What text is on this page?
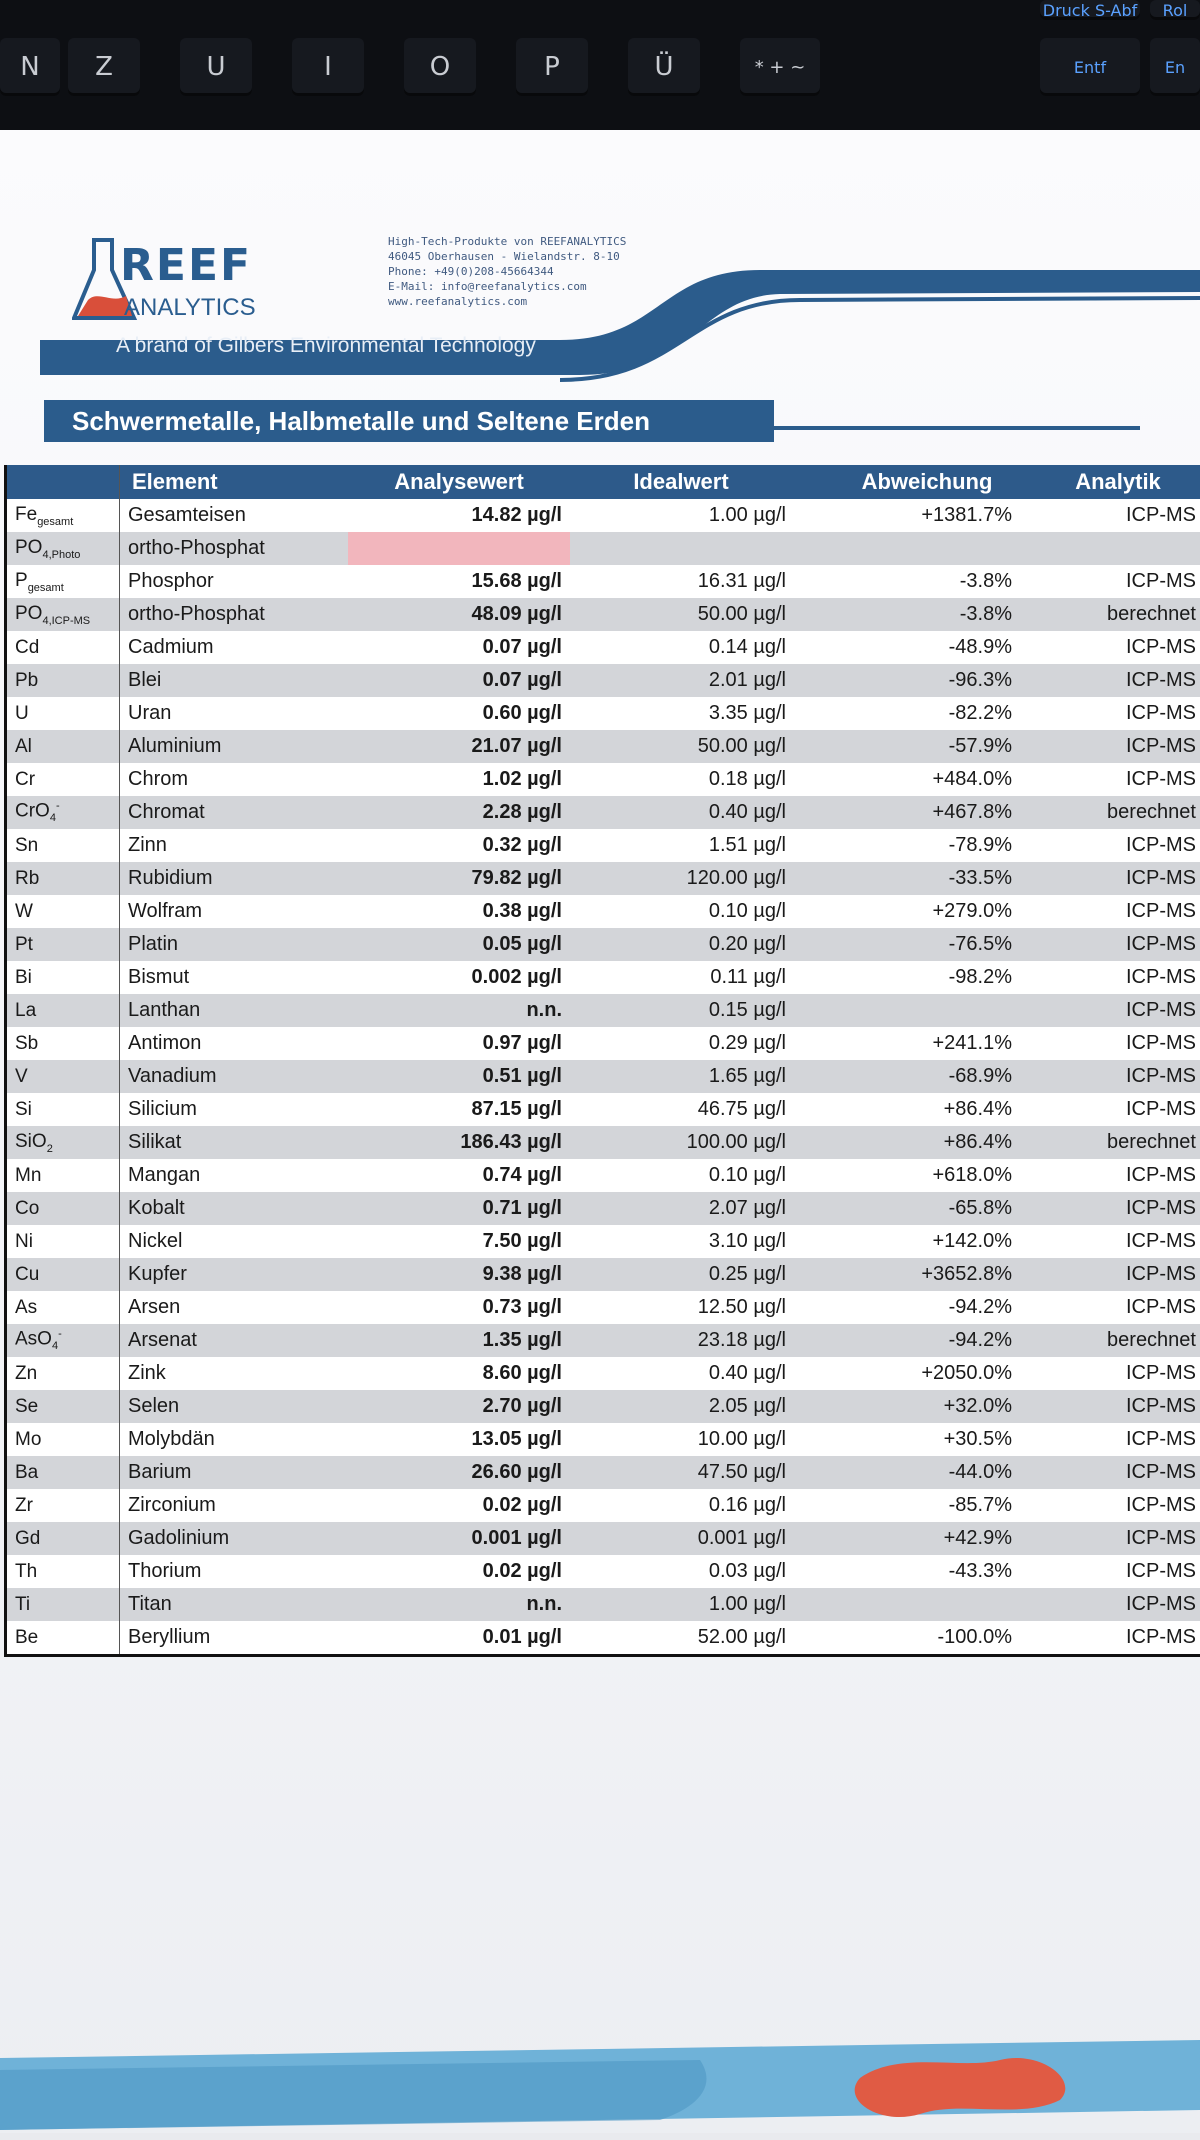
Druck S-Abf	Rol
N	Z	U	I	O	P	Ü	* + ~	Entf	En
REEF
ANALYTICS
High-Tech-Produkte von REEFANALYTICS
46045 Oberhausen - Wielandstr. 8-10
Phone: +49(0)208-45664344
E-Mail: info@reefanalytics.com
www.reefanalytics.com
A brand of Gilbers Environmental Technology
Schwermetalle, Halbmetalle und Seltene Erden
	Element	Analysewert	Idealwert	Abweichung	Analytik
$Fe_{gesamt}$	Gesamteisen	14.82 µg/l	1.00 µg/l	+1381.7%	ICP-MS
$PO_{4,Photo}$	ortho-Phosphat				
$P_{gesamt}$	Phosphor	15.68 µg/l	16.31 µg/l	-3.8%	ICP-MS
$PO_{4,ICP-MS}$	ortho-Phosphat	48.09 µg/l	50.00 µg/l	-3.8%	berechnet
Cd	Cadmium	0.07 µg/l	0.14 µg/l	-48.9%	ICP-MS
Pb	Blei	0.07 µg/l	2.01 µg/l	-96.3%	ICP-MS
U	Uran	0.60 µg/l	3.35 µg/l	-82.2%	ICP-MS
Al	Aluminium	21.07 µg/l	50.00 µg/l	-57.9%	ICP-MS
Cr	Chrom	1.02 µg/l	0.18 µg/l	+484.0%	ICP-MS
CrO$_4$-	Chromat	2.28 µg/l	0.40 µg/l	+467.8%	berechnet
Sn	Zinn	0.32 µg/l	1.51 µg/l	-78.9%	ICP-MS
Rb	Rubidium	79.82 µg/l	120.00 µg/l	-33.5%	ICP-MS
W	Wolfram	0.38 µg/l	0.10 µg/l	+279.0%	ICP-MS
Pt	Platin	0.05 µg/l	0.20 µg/l	-76.5%	ICP-MS
Bi	Bismut	0.002 µg/l	0.11 µg/l	-98.2%	ICP-MS
La	Lanthan	n.n.	0.15 µg/l		ICP-MS
Sb	Antimon	0.97 µg/l	0.29 µg/l	+241.1%	ICP-MS
V	Vanadium	0.51 µg/l	1.65 µg/l	-68.9%	ICP-MS
Si	Silicium	87.15 µg/l	46.75 µg/l	+86.4%	ICP-MS
SiO$_2$	Silikat	186.43 µg/l	100.00 µg/l	+86.4%	berechnet
Mn	Mangan	0.74 µg/l	0.10 µg/l	+618.0%	ICP-MS
Co	Kobalt	0.71 µg/l	2.07 µg/l	-65.8%	ICP-MS
Ni	Nickel	7.50 µg/l	3.10 µg/l	+142.0%	ICP-MS
Cu	Kupfer	9.38 µg/l	0.25 µg/l	+3652.8%	ICP-MS
As	Arsen	0.73 µg/l	12.50 µg/l	-94.2%	ICP-MS
AsO$_4$-	Arsenat	1.35 µg/l	23.18 µg/l	-94.2%	berechnet
Zn	Zink	8.60 µg/l	0.40 µg/l	+2050.0%	ICP-MS
Se	Selen	2.70 µg/l	2.05 µg/l	+32.0%	ICP-MS
Mo	Molybdän	13.05 µg/l	10.00 µg/l	+30.5%	ICP-MS
Ba	Barium	26.60 µg/l	47.50 µg/l	-44.0%	ICP-MS
Zr	Zirconium	0.02 µg/l	0.16 µg/l	-85.7%	ICP-MS
Gd	Gadolinium	0.001 µg/l	0.001 µg/l	+42.9%	ICP-MS
Th	Thorium	0.02 µg/l	0.03 µg/l	-43.3%	ICP-MS
Ti	Titan	n.n.	1.00 µg/l		ICP-MS
Be	Beryllium	0.01 µg/l	52.00 µg/l	-100.0%	ICP-MS
